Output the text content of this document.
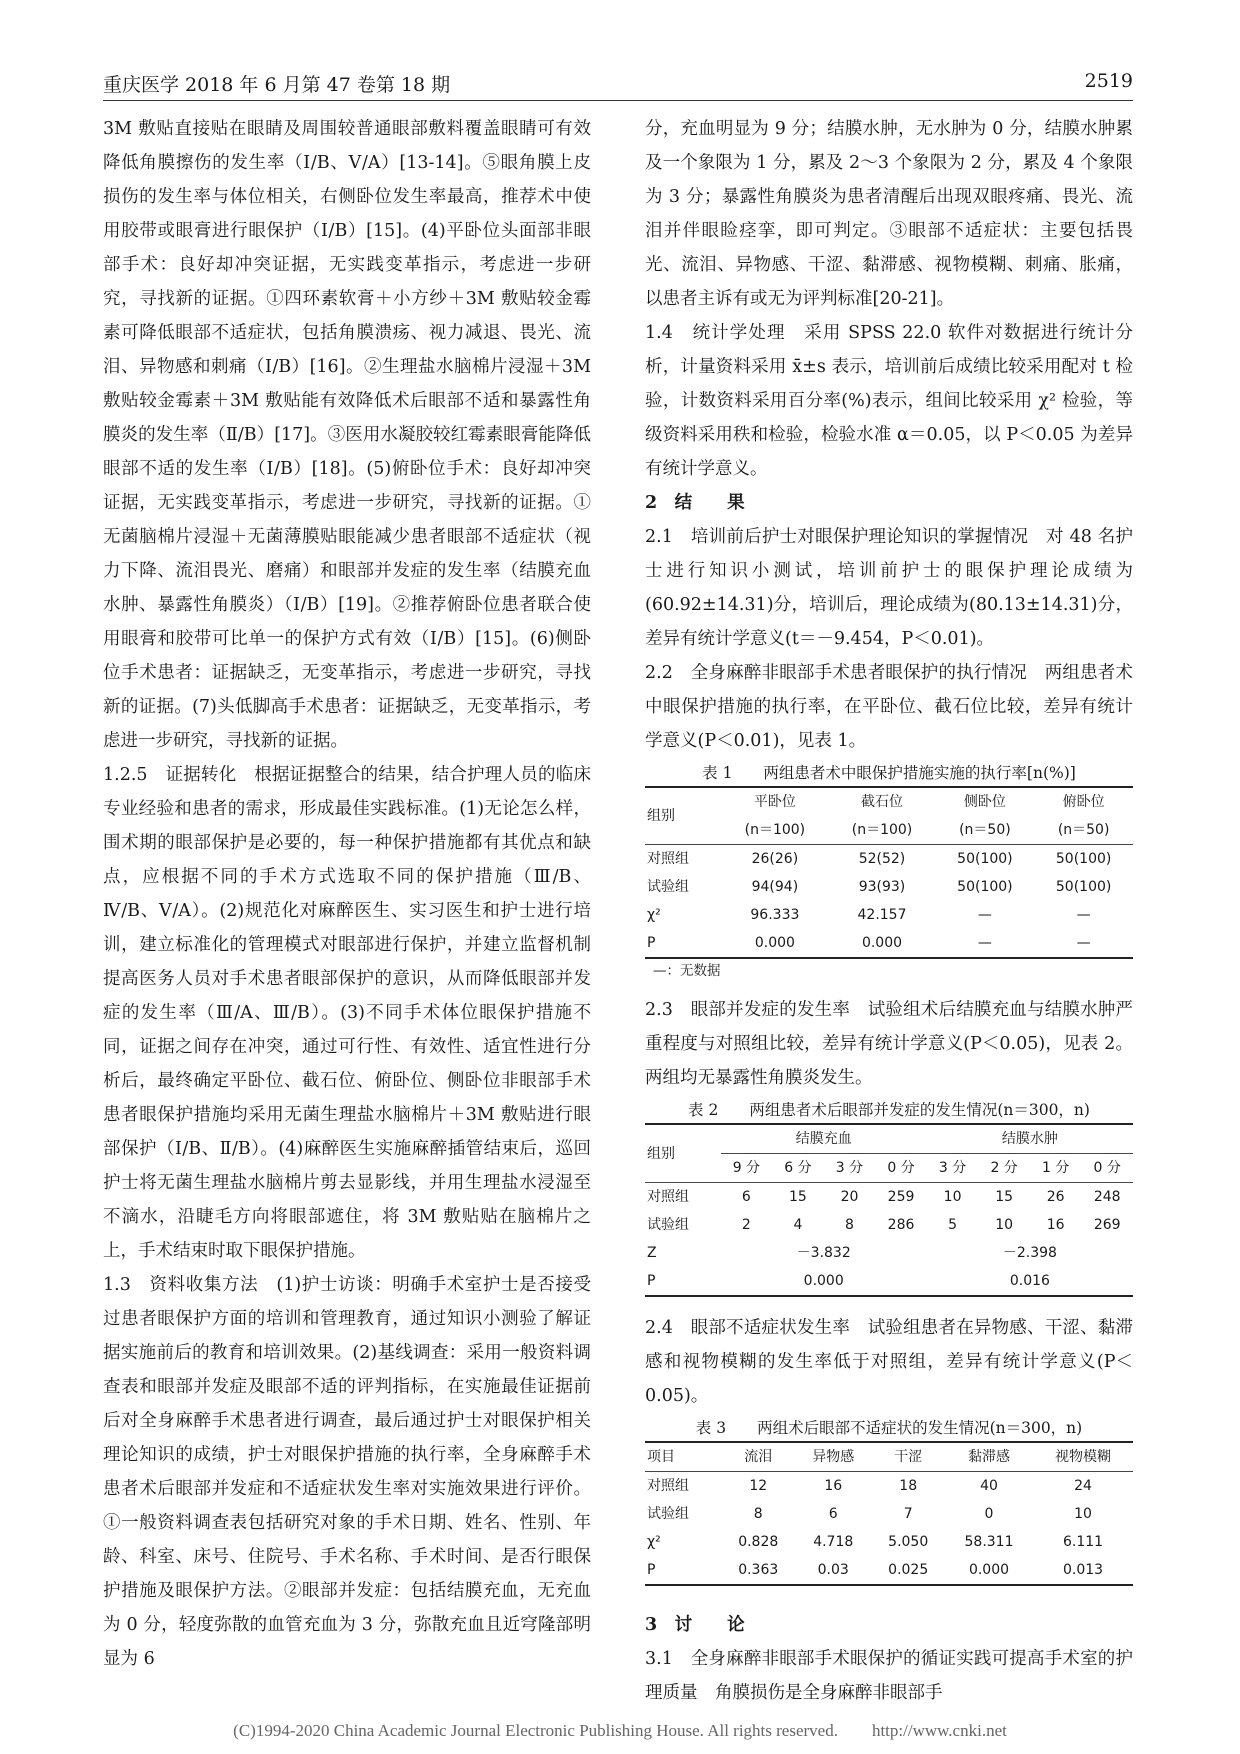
重庆医学 2018 年 6 月第 47 卷第 18 期	2519

3M 敷贴直接贴在眼睛及周围较普通眼部敷料覆盖眼睛可有效降低角膜擦伤的发生率（Ⅰ/B、Ⅴ/A）[13-14]。⑤眼角膜上皮损伤的发生率与体位相关，右侧卧位发生率最高，推荐术中使用胶带或眼膏进行眼保护（Ⅰ/B）[15]。(4)平卧位头面部非眼部手术：良好却冲突证据，无实践变革指示，考虑进一步研究，寻找新的证据。①四环素软膏＋小方纱＋3M 敷贴较金霉素可降低眼部不适症状，包括角膜溃疡、视力减退、畏光、流泪、异物感和刺痛（Ⅰ/B）[16]。②生理盐水脑棉片浸湿＋3M 敷贴较金霉素＋3M 敷贴能有效降低术后眼部不适和暴露性角膜炎的发生率（Ⅱ/B）[17]。③医用水凝胶较红霉素眼膏能降低眼部不适的发生率（Ⅰ/B）[18]。(5)俯卧位手术：良好却冲突证据，无实践变革指示，考虑进一步研究，寻找新的证据。①无菌脑棉片浸湿＋无菌薄膜贴眼能减少患者眼部不适症状（视力下降、流泪畏光、磨痛）和眼部并发症的发生率（结膜充血水肿、暴露性角膜炎）（Ⅰ/B）[19]。②推荐俯卧位患者联合使用眼膏和胶带可比单一的保护方式有效（Ⅰ/B）[15]。(6)侧卧位手术患者：证据缺乏，无变革指示，考虑进一步研究，寻找新的证据。(7)头低脚高手术患者：证据缺乏，无变革指示，考虑进一步研究，寻找新的证据。

1.2.5　证据转化　根据证据整合的结果，结合护理人员的临床专业经验和患者的需求，形成最佳实践标准。(1)无论怎么样，围术期的眼部保护是必要的，每一种保护措施都有其优点和缺点，应根据不同的手术方式选取不同的保护措施（Ⅲ/B、Ⅳ/B、Ⅴ/A）。(2)规范化对麻醉医生、实习医生和护士进行培训，建立标准化的管理模式对眼部进行保护，并建立监督机制提高医务人员对手术患者眼部保护的意识，从而降低眼部并发症的发生率（Ⅲ/A、Ⅲ/B）。(3)不同手术体位眼保护措施不同，证据之间存在冲突，通过可行性、有效性、适宜性进行分析后，最终确定平卧位、截石位、俯卧位、侧卧位非眼部手术患者眼保护措施均采用无菌生理盐水脑棉片＋3M 敷贴进行眼部保护（Ⅰ/B、Ⅱ/B）。(4)麻醉医生实施麻醉插管结束后，巡回护士将无菌生理盐水脑棉片剪去显影线，并用生理盐水浸湿至不滴水，沿睫毛方向将眼部遮住，将 3M 敷贴贴在脑棉片之上，手术结束时取下眼保护措施。

1.3　资料收集方法　(1)护士访谈：明确手术室护士是否接受过患者眼保护方面的培训和管理教育，通过知识小测验了解证据实施前后的教育和培训效果。(2)基线调查：采用一般资料调查表和眼部并发症及眼部不适的评判指标，在实施最佳证据前后对全身麻醉手术患者进行调查，最后通过护士对眼保护相关理论知识的成绩，护士对眼保护措施的执行率，全身麻醉手术患者术后眼部并发症和不适症状发生率对实施效果进行评价。①一般资料调查表包括研究对象的手术日期、姓名、性别、年龄、科室、床号、住院号、手术名称、手术时间、是否行眼保护措施及眼保护方法。②眼部并发症：包括结膜充血，无充血为 0 分，轻度弥散的血管充血为 3 分，弥散充血且近穹隆部明显为 6

分，充血明显为 9 分；结膜水肿，无水肿为 0 分，结膜水肿累及一个象限为 1 分，累及 2～3 个象限为 2 分，累及 4 个象限为 3 分；暴露性角膜炎为患者清醒后出现双眼疼痛、畏光、流泪并伴眼睑痉挛，即可判定。③眼部不适症状：主要包括畏光、流泪、异物感、干涩、黏滞感、视物模糊、刺痛、胀痛，以患者主诉有或无为评判标准[20-21]。

1.4　统计学处理　采用 SPSS 22.0 软件对数据进行统计分析，计量资料采用 x̄±s 表示，培训前后成绩比较采用配对 t 检验，计数资料采用百分率(%)表示，组间比较采用 χ² 检验，等级资料采用秩和检验，检验水准 α＝0.05，以 P＜0.05 为差异有统计学意义。

2　结　　果

2.1　培训前后护士对眼保护理论知识的掌握情况　对 48 名护士进行知识小测试，培训前护士的眼保护理论成绩为(60.92±14.31)分，培训后，理论成绩为(80.13±14.31)分，差异有统计学意义(t＝－9.454，P＜0.01)。

2.2　全身麻醉非眼部手术患者眼保护的执行情况　两组患者术中眼保护措施的执行率，在平卧位、截石位比较，差异有统计学意义(P＜0.01)，见表 1。

表 1　　两组患者术中眼保护措施实施的执行率[n(%)]
组别	平卧位	截石位	侧卧位	俯卧位
	(n＝100)	(n＝100)	(n＝50)	(n＝50)
对照组	26(26)	52(52)	50(100)	50(100)
试验组	94(94)	93(93)	50(100)	50(100)
χ²	96.333	42.157	—	—
P	0.000	0.000	—	—
—：无数据

2.3　眼部并发症的发生率　试验组术后结膜充血与结膜水肿严重程度与对照组比较，差异有统计学意义(P＜0.05)，见表 2。两组均无暴露性角膜炎发生。

表 2　　两组患者术后眼部并发症的发生情况(n＝300，n)
组别	结膜充血				结膜水肿			
	9 分	6 分	3 分	0 分	3 分	2 分	1 分	0 分
对照组	6	15	20	259	10	15	26	248
试验组	2	4	8	286	5	10	16	269
Z	－3.832				－2.398			
P	0.000				0.016			

2.4　眼部不适症状发生率　试验组患者在异物感、干涩、黏滞感和视物模糊的发生率低于对照组，差异有统计学意义(P＜0.05)。

表 3　　两组术后眼部不适症状的发生情况(n＝300，n)
项目	流泪	异物感	干涩	黏滞感	视物模糊
对照组	12	16	18	40	24
试验组	8	6	7	0	10
χ²	0.828	4.718	5.050	58.311	6.111
P	0.363	0.03	0.025	0.000	0.013

3　讨　　论

3.1　全身麻醉非眼部手术眼保护的循证实践可提高手术室的护理质量　角膜损伤是全身麻醉非眼部手

(C)1994-2020 China Academic Journal Electronic Publishing House. All rights reserved.　　http://www.cnki.net
